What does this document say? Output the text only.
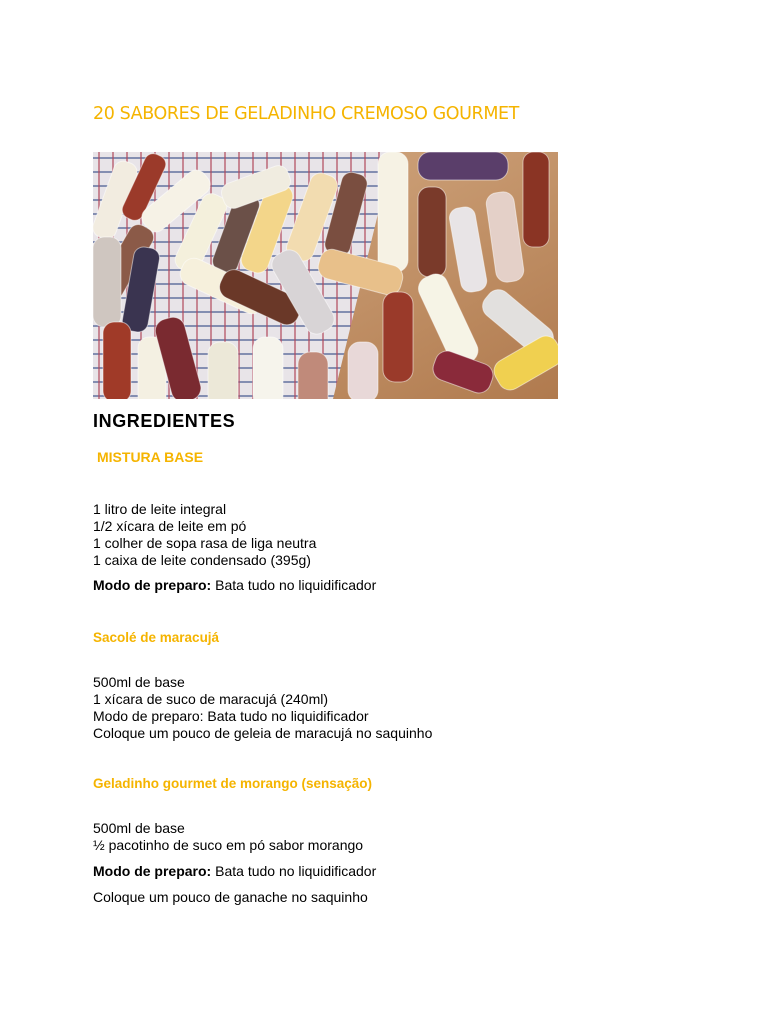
20 SABORES DE GELADINHO CREMOSO GOURMET
INGREDIENTES
MISTURA BASE
1 litro de leite integral
1/2 xícara de leite em pó
1 colher de sopa rasa de liga neutra
1 caixa de leite condensado (395g)
Modo de preparo: Bata tudo no liquidificador
Sacolé de maracujá
500ml de base
1 xícara de suco de maracujá (240ml)
Modo de preparo: Bata tudo no liquidificador
Coloque um pouco de geleia de maracujá no saquinho
Geladinho gourmet de morango (sensação)
500ml de base
½ pacotinho de suco em pó sabor morango
Modo de preparo: Bata tudo no liquidificador
Coloque um pouco de ganache no saquinho
